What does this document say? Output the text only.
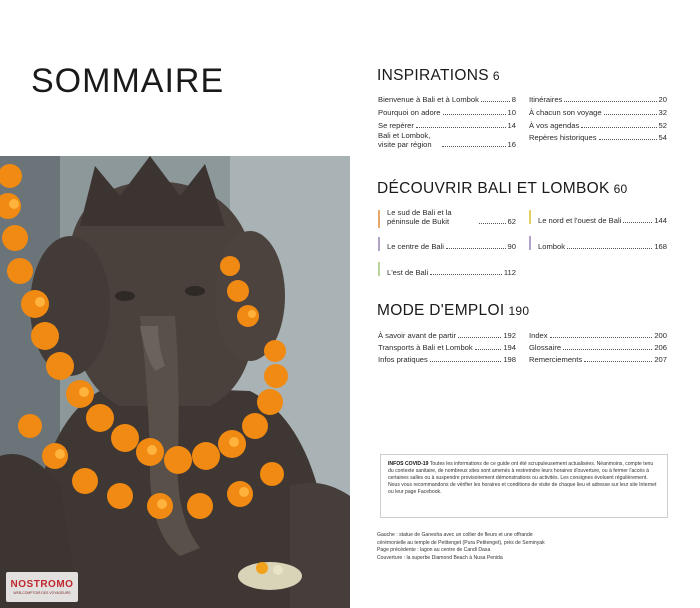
SOMMAIRE
NOSTROMO
WEB-COMPTOIR DES VOYAGEURS
INSPIRATIONS 6
Bienvenue à Bali et à Lombok	8
Pourquoi on adore	10
Se repérer	14
Bali et Lombok, visite par région	16
Itinéraires	20
À chacun son voyage	32
À vos agendas	52
Repères historiques	54
DÉCOUVRIR BALI ET LOMBOK 60
Le sud de Bali et la péninsule de Bukit	62
Le centre de Bali	90
L'est de Bali	112
Le nord et l'ouest de Bali	144
Lombok	168
MODE D'EMPLOI 190
À savoir avant de partir	192
Transports à Bali et Lombok	194
Infos pratiques	198
Index	200
Glossaire	206
Remerciements	207
INFOS COVID-19 Toutes les informations de ce guide ont été scrupuleusement actualisées. Néanmoins, compte tenu du contexte sanitaire, de nombreux sites sont amenés à restreindre leurs horaires d'ouverture, ou à fermer l'accès à certaines salles ou à suspendre provisoirement démonstrations ou activités. Les consignes évoluent régulièrement. Nous vous recommandons de vérifier les horaires et conditions de visite de chaque lieu et adresse sur leur site Internet ou leur page Facebook.
Gauche : statue de Ganesha avec un collier de fleurs et une offrande cérémonielle au temple de Petitenget (Pura Petitenget), près de Seminyak
Page précédente : lagon au centre de Candi Dasa
Couverture : la superbe Diamond Beach à Nusa Penida
